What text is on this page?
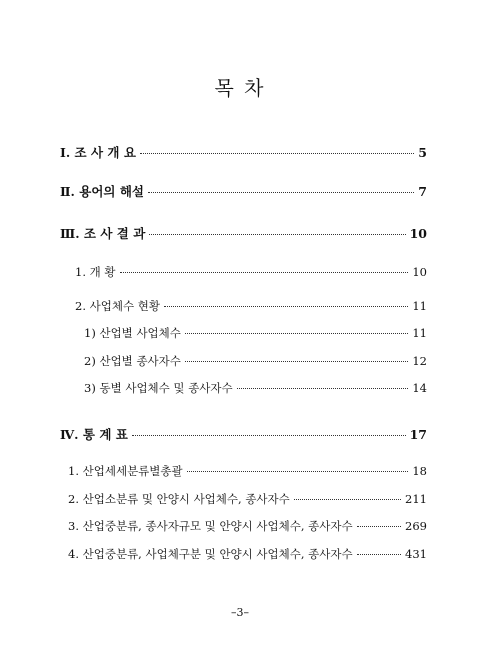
목 차
Ⅰ. 조 사 개 요	5
Ⅱ. 용어의 해설	7
Ⅲ. 조 사 결 과	10
1. 개 황	10
2. 사업체수 현황	11
1) 산업별 사업체수	11
2) 산업별 종사자수	12
3) 동별 사업체수 및 종사자수	14
Ⅳ. 통 계 표	17
1. 산업세세분류별총괄	18
2. 산업소분류 및 안양시 사업체수, 종사자수	211
3. 산업중분류, 종사자규모 및 안양시 사업체수, 종사자수	269
4. 산업중분류, 사업체구분 및 안양시 사업체수, 종사자수	431
–3–
